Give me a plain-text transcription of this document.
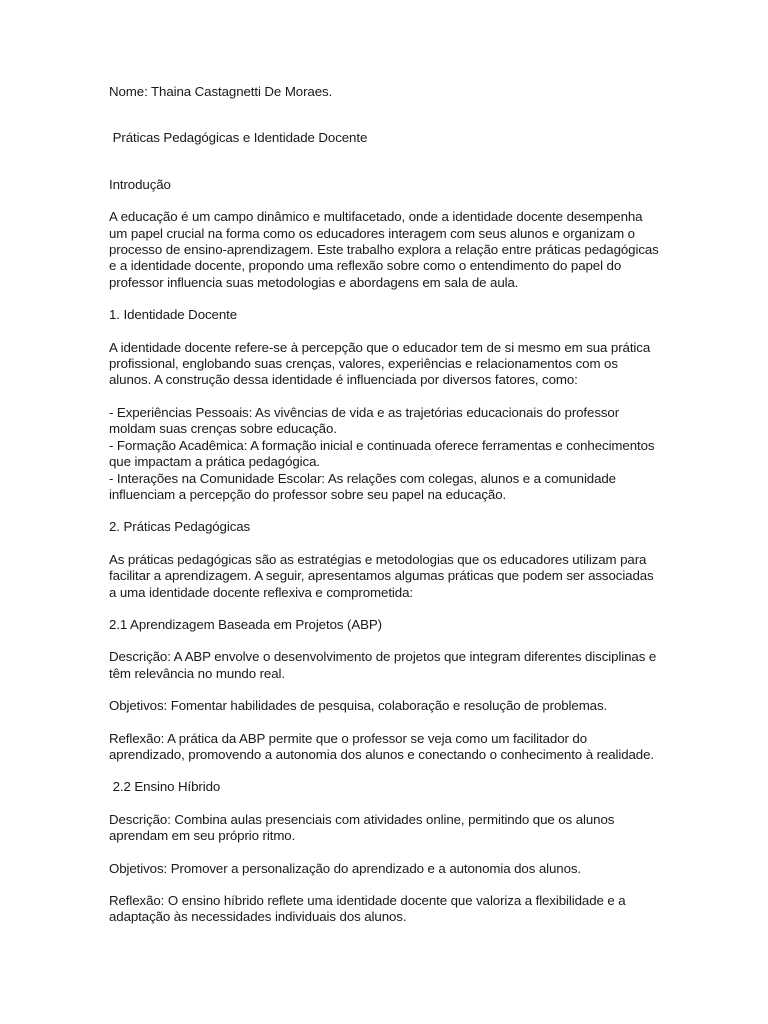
Nome: Thaina Castagnetti De Moraes.

Práticas Pedagógicas e Identidade Docente

Introdução

A educação é um campo dinâmico e multifacetado, onde a identidade docente desempenha um papel crucial na forma como os educadores interagem com seus alunos e organizam o processo de ensino-aprendizagem. Este trabalho explora a relação entre práticas pedagógicas e a identidade docente, propondo uma reflexão sobre como o entendimento do papel do professor influencia suas metodologias e abordagens em sala de aula.

1. Identidade Docente

A identidade docente refere-se à percepção que o educador tem de si mesmo em sua prática profissional, englobando suas crenças, valores, experiências e relacionamentos com os alunos. A construção dessa identidade é influenciada por diversos fatores, como:

- Experiências Pessoais: As vivências de vida e as trajetórias educacionais do professor moldam suas crenças sobre educação.

- Formação Acadêmica: A formação inicial e continuada oferece ferramentas e conhecimentos que impactam a prática pedagógica.

- Interações na Comunidade Escolar: As relações com colegas, alunos e a comunidade influenciam a percepção do professor sobre seu papel na educação.

2. Práticas Pedagógicas

As práticas pedagógicas são as estratégias e metodologias que os educadores utilizam para facilitar a aprendizagem. A seguir, apresentamos algumas práticas que podem ser associadas a uma identidade docente reflexiva e comprometida:

2.1 Aprendizagem Baseada em Projetos (ABP)

Descrição: A ABP envolve o desenvolvimento de projetos que integram diferentes disciplinas e têm relevância no mundo real.

Objetivos: Fomentar habilidades de pesquisa, colaboração e resolução de problemas.

Reflexão: A prática da ABP permite que o professor se veja como um facilitador do aprendizado, promovendo a autonomia dos alunos e conectando o conhecimento à realidade.

2.2 Ensino Híbrido

Descrição: Combina aulas presenciais com atividades online, permitindo que os alunos aprendam em seu próprio ritmo.

Objetivos: Promover a personalização do aprendizado e a autonomia dos alunos.

Reflexão: O ensino híbrido reflete uma identidade docente que valoriza a flexibilidade e a adaptação às necessidades individuais dos alunos.
